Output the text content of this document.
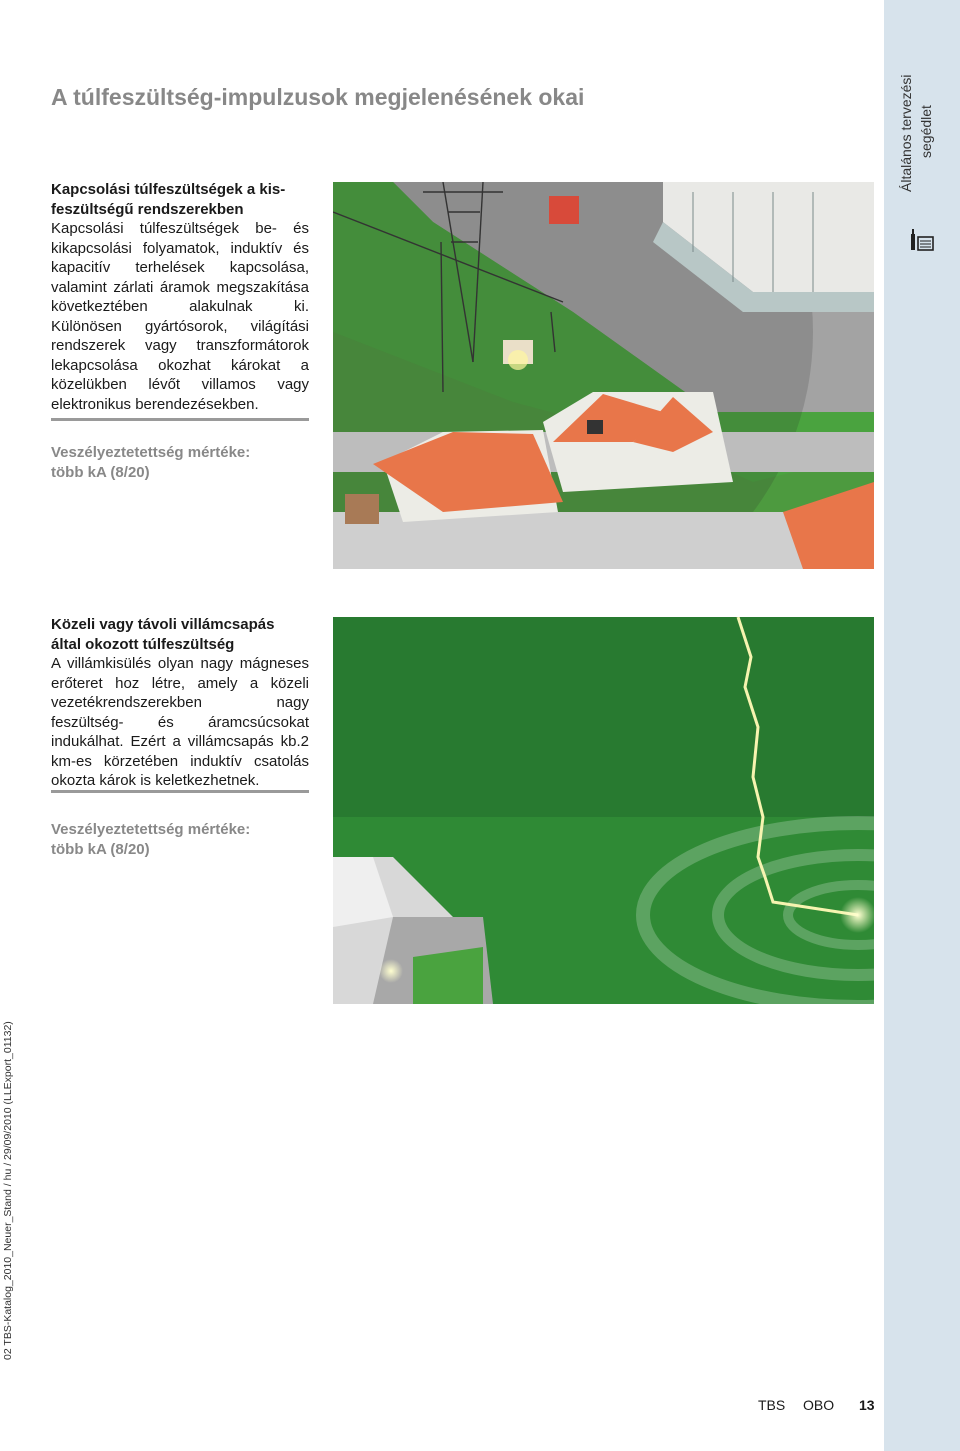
Általános tervezési segédlet
02 TBS-Katalog_2010_Neuer_Stand / hu / 29/09/2010 (LLExport_01132)
A túlfeszültség-impulzusok megjelenésének okai
Kapcsolási túlfeszültségek a kis-
feszültségű rendszerekben
Kapcsolási túlfeszültségek be- és kikapcsolási folyamatok, induktív és kapacitív terhelések kapcsolása, valamint zárlati áramok megszakítása következtében alakulnak ki. Különösen gyártósorok, világítási rendszerek vagy transzformátorok lekapcsolása okozhat károkat a közelükben lévőt villamos vagy elektronikus berendezésekben.
Veszélyeztetettség mértéke:
több kA (8/20)
Közeli vagy távoli villámcsapás
által okozott túlfeszültség
A villámkisülés olyan nagy mágneses erőteret hoz létre, amely a közeli vezetékrendszerekben nagy feszültség- és áramcsúcsokat indukálhat. Ezért a villámcsapás kb.2 km-es körzetében induktív csatolás okozta károk is keletkezhetnek.
Veszélyeztetettség mértéke:
több kA (8/20)
TBS OBO 13
